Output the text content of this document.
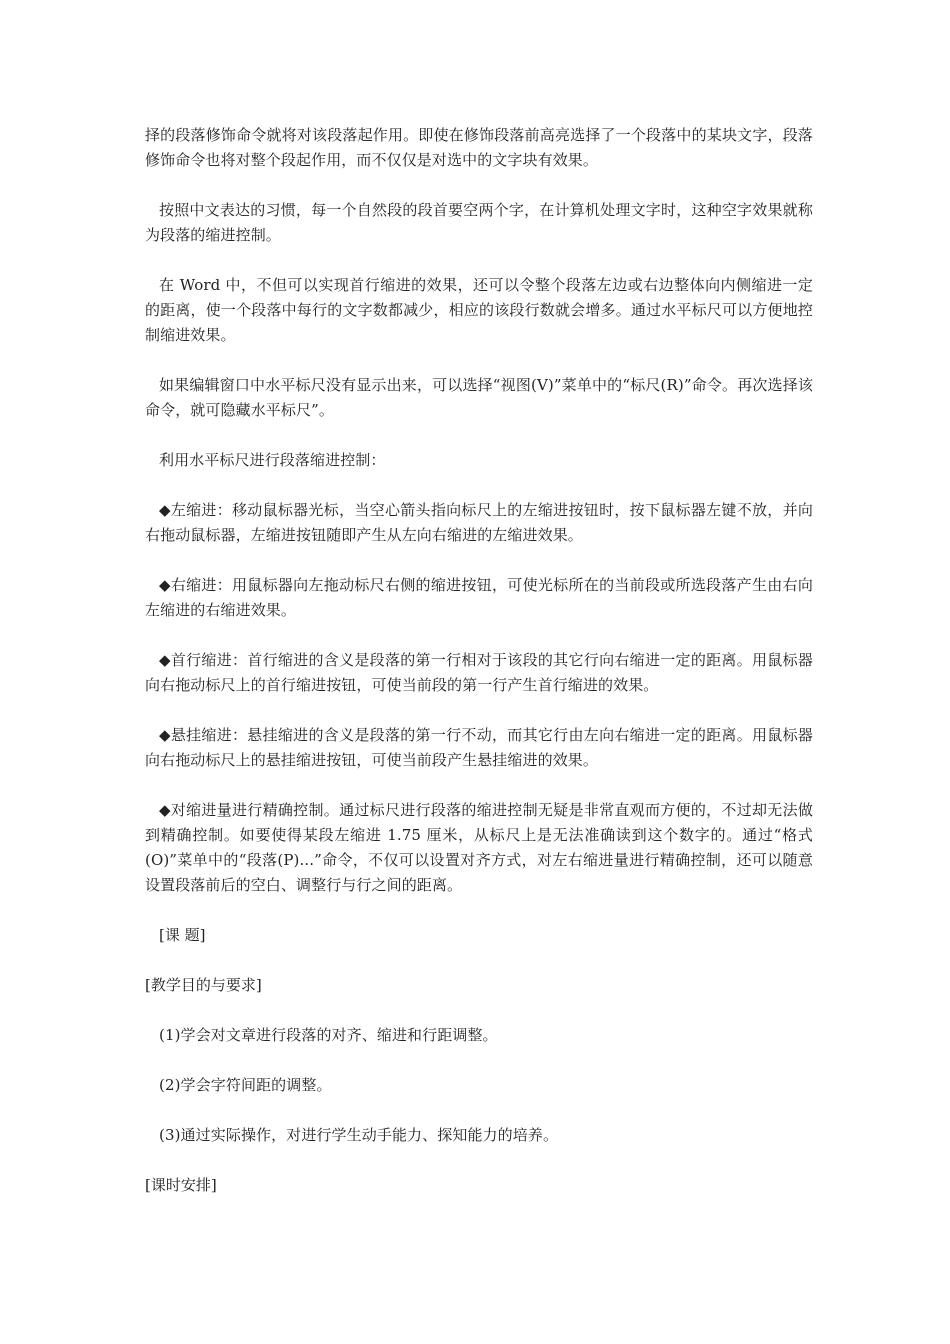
择的段落修饰命令就将对该段落起作用。即使在修饰段落前高亮选择了一个段落中的某块文字，段落修饰命令也将对整个段起作用，而不仅仅是对选中的文字块有效果。

按照中文表达的习惯，每一个自然段的段首要空两个字，在计算机处理文字时，这种空字效果就称为段落的缩进控制。

在 Word 中，不但可以实现首行缩进的效果，还可以令整个段落左边或右边整体向内侧缩进一定的距离，使一个段落中每行的文字数都减少，相应的该段行数就会增多。通过水平标尺可以方便地控制缩进效果。

如果编辑窗口中水平标尺没有显示出来，可以选择“视图(V)”菜单中的“标尺(R)”命令。再次选择该命令，就可隐藏水平标尺”。

利用水平标尺进行段落缩进控制：

◆左缩进：移动鼠标器光标，当空心箭头指向标尺上的左缩进按钮时，按下鼠标器左键不放，并向右拖动鼠标器，左缩进按钮随即产生从左向右缩进的左缩进效果。

◆右缩进：用鼠标器向左拖动标尺右侧的缩进按钮，可使光标所在的当前段或所选段落产生由右向左缩进的右缩进效果。

◆首行缩进：首行缩进的含义是段落的第一行相对于该段的其它行向右缩进一定的距离。用鼠标器向右拖动标尺上的首行缩进按钮，可使当前段的第一行产生首行缩进的效果。

◆悬挂缩进：悬挂缩进的含义是段落的第一行不动，而其它行由左向右缩进一定的距离。用鼠标器向右拖动标尺上的悬挂缩进按钮，可使当前段产生悬挂缩进的效果。

◆对缩进量进行精确控制。通过标尺进行段落的缩进控制无疑是非常直观而方便的，不过却无法做到精确控制。如要使得某段左缩进 1.75 厘米，从标尺上是无法准确读到这个数字的。通过“格式(O)”菜单中的“段落(P)...”命令，不仅可以设置对齐方式，对左右缩进量进行精确控制，还可以随意设置段落前后的空白、调整行与行之间的距离。

[课 题]

[教学目的与要求]

(1)学会对文章进行段落的对齐、缩进和行距调整。

(2)学会字符间距的调整。

(3)通过实际操作，对进行学生动手能力、探知能力的培养。

[课时安排]
